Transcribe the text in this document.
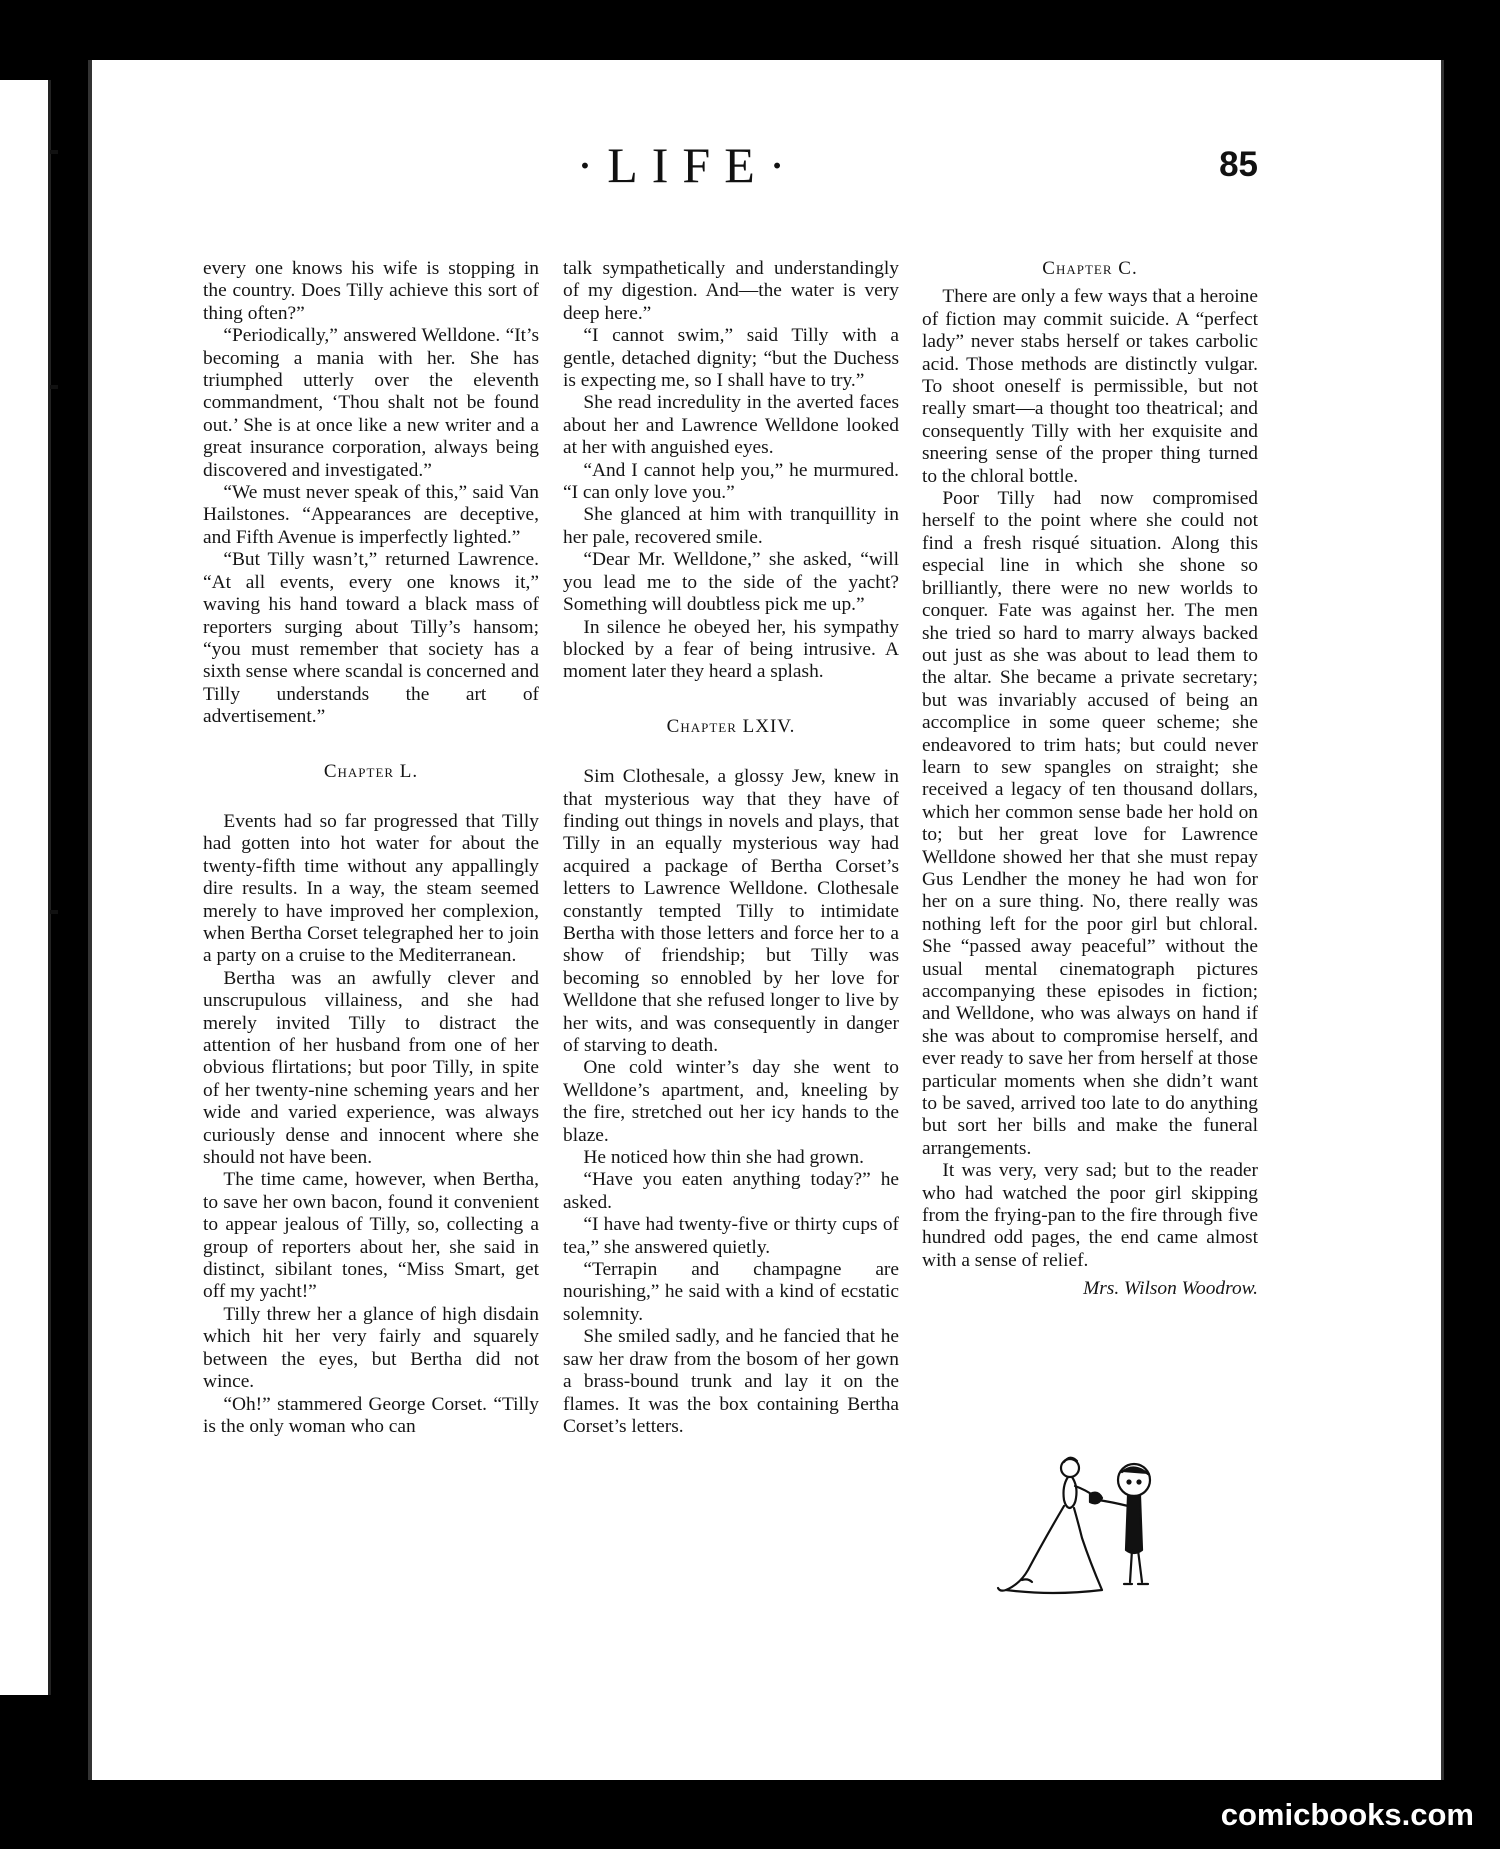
·LIFE·	85

every one knows his wife is stopping in the country. Does Tilly achieve this sort of thing often?”

“Periodically,” answered Welldone. “It’s becoming a mania with her. She has triumphed utterly over the eleventh commandment, ‘Thou shalt not be found out.’ She is at once like a new writer and a great insurance corporation, always being discovered and investigated.”

“We must never speak of this,” said Van Hailstones. “Appearances are deceptive, and Fifth Avenue is imperfectly lighted.”

“But Tilly wasn’t,” returned Lawrence. “At all events, every one knows it,” waving his hand toward a black mass of reporters surging about Tilly’s hansom; “you must remember that society has a sixth sense where scandal is concerned and Tilly understands the art of advertisement.”

Chapter L.

Events had so far progressed that Tilly had gotten into hot water for about the twenty-fifth time without any appallingly dire results. In a way, the steam seemed merely to have improved her complexion, when Bertha Corset telegraphed her to join a party on a cruise to the Mediterranean.

Bertha was an awfully clever and unscrupulous villainess, and she had merely invited Tilly to distract the attention of her husband from one of her obvious flirtations; but poor Tilly, in spite of her twenty-nine scheming years and her wide and varied experience, was always curiously dense and innocent where she should not have been.

The time came, however, when Bertha, to save her own bacon, found it convenient to appear jealous of Tilly, so, collecting a group of reporters about her, she said in distinct, sibilant tones, “Miss Smart, get off my yacht!”

Tilly threw her a glance of high disdain which hit her very fairly and squarely between the eyes, but Bertha did not wince.

“Oh!” stammered George Corset. “Tilly is the only woman who can

talk sympathetically and understandingly of my digestion. And—the water is very deep here.”

“I cannot swim,” said Tilly with a gentle, detached dignity; “but the Duchess is expecting me, so I shall have to try.”

She read incredulity in the averted faces about her and Lawrence Welldone looked at her with anguished eyes.

“And I cannot help you,” he murmured. “I can only love you.”

She glanced at him with tranquillity in her pale, recovered smile.

“Dear Mr. Welldone,” she asked, “will you lead me to the side of the yacht? Something will doubtless pick me up.”

In silence he obeyed her, his sympathy blocked by a fear of being intrusive. A moment later they heard a splash.

Chapter LXIV.

Sim Clothesale, a glossy Jew, knew in that mysterious way that they have of finding out things in novels and plays, that Tilly in an equally mysterious way had acquired a package of Bertha Corset’s letters to Lawrence Welldone. Clothesale constantly tempted Tilly to intimidate Bertha with those letters and force her to a show of friendship; but Tilly was becoming so ennobled by her love for Welldone that she refused longer to live by her wits, and was consequently in danger of starving to death.

One cold winter’s day she went to Welldone’s apartment, and, kneeling by the fire, stretched out her icy hands to the blaze.

He noticed how thin she had grown.

“Have you eaten anything today?” he asked.

“I have had twenty-five or thirty cups of tea,” she answered quietly.

“Terrapin and champagne are nourishing,” he said with a kind of ecstatic solemnity.

She smiled sadly, and he fancied that he saw her draw from the bosom of her gown a brass-bound trunk and lay it on the flames. It was the box containing Bertha Corset’s letters.

Chapter C.

There are only a few ways that a heroine of fiction may commit suicide. A “perfect lady” never stabs herself or takes carbolic acid. Those methods are distinctly vulgar. To shoot oneself is permissible, but not really smart—a thought too theatrical; and consequently Tilly with her exquisite and sneering sense of the proper thing turned to the chloral bottle.

Poor Tilly had now compromised herself to the point where she could not find a fresh risqué situation. Along this especial line in which she shone so brilliantly, there were no new worlds to conquer. Fate was against her. The men she tried so hard to marry always backed out just as she was about to lead them to the altar. She became a private secretary; but was invariably accused of being an accomplice in some queer scheme; she endeavored to trim hats; but could never learn to sew spangles on straight; she received a legacy of ten thousand dollars, which her common sense bade her hold on to; but her great love for Lawrence Welldone showed her that she must repay Gus Lendher the money he had won for her on a sure thing. No, there really was nothing left for the poor girl but chloral. She “passed away peaceful” without the usual mental cinematograph pictures accompanying these episodes in fiction; and Welldone, who was always on hand if she was about to compromise herself, and ever ready to save her from herself at those particular moments when she didn’t want to be saved, arrived too late to do anything but sort her bills and make the funeral arrangements.

It was very, very sad; but to the reader who had watched the poor girl skipping from the frying-pan to the fire through five hundred odd pages, the end came almost with a sense of relief.

Mrs. Wilson Woodrow.
comicbooks.com
